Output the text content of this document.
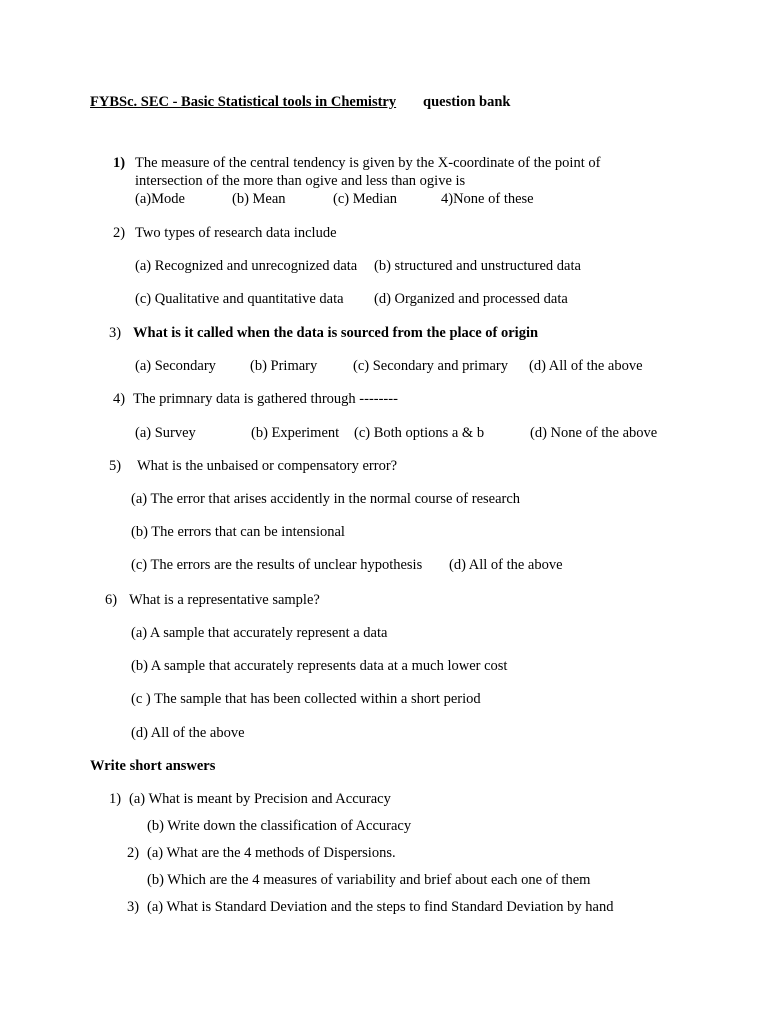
FYBSc. SEC - Basic Statistical tools in Chemistry question bank
1) The measure of the central tendency is given by the X-coordinate of the point of
intersection of the more than ogive and less than ogive is
(a)Mode	(b) Mean	(c) Median	4)None of these
2) Two types of research data include
(a) Recognized and unrecognized data (b) structured and unstructured data
(c) Qualitative and quantitative data (d) Organized and processed data
3) What is it called when the data is sourced from the place of origin
(a) Secondary (b) Primary (c) Secondary and primary (d) All of the above
4) The primnary data is gathered through --------
(a) Survey	(b) Experiment (c) Both options a & b	(d) None of the above
5) What is the unbaised or compensatory error?
(a) The error that arises accidently in the normal course of research
(b) The errors that can be intensional
(c) The errors are the results of unclear hypothesis (d) All of the above
6) What is a representative sample?
(a) A sample that accurately represent a data
(b) A sample that accurately represents data at a much lower cost
(c ) The sample that has been collected within a short period
(d) All of the above
Write short answers
1) (a) What is meant by Precision and Accuracy
(b) Write down the classification of Accuracy
2) (a) What are the 4 methods of Dispersions.
(b) Which are the 4 measures of variability and brief about each one of them
3) (a) What is Standard Deviation and the steps to find Standard Deviation by hand
